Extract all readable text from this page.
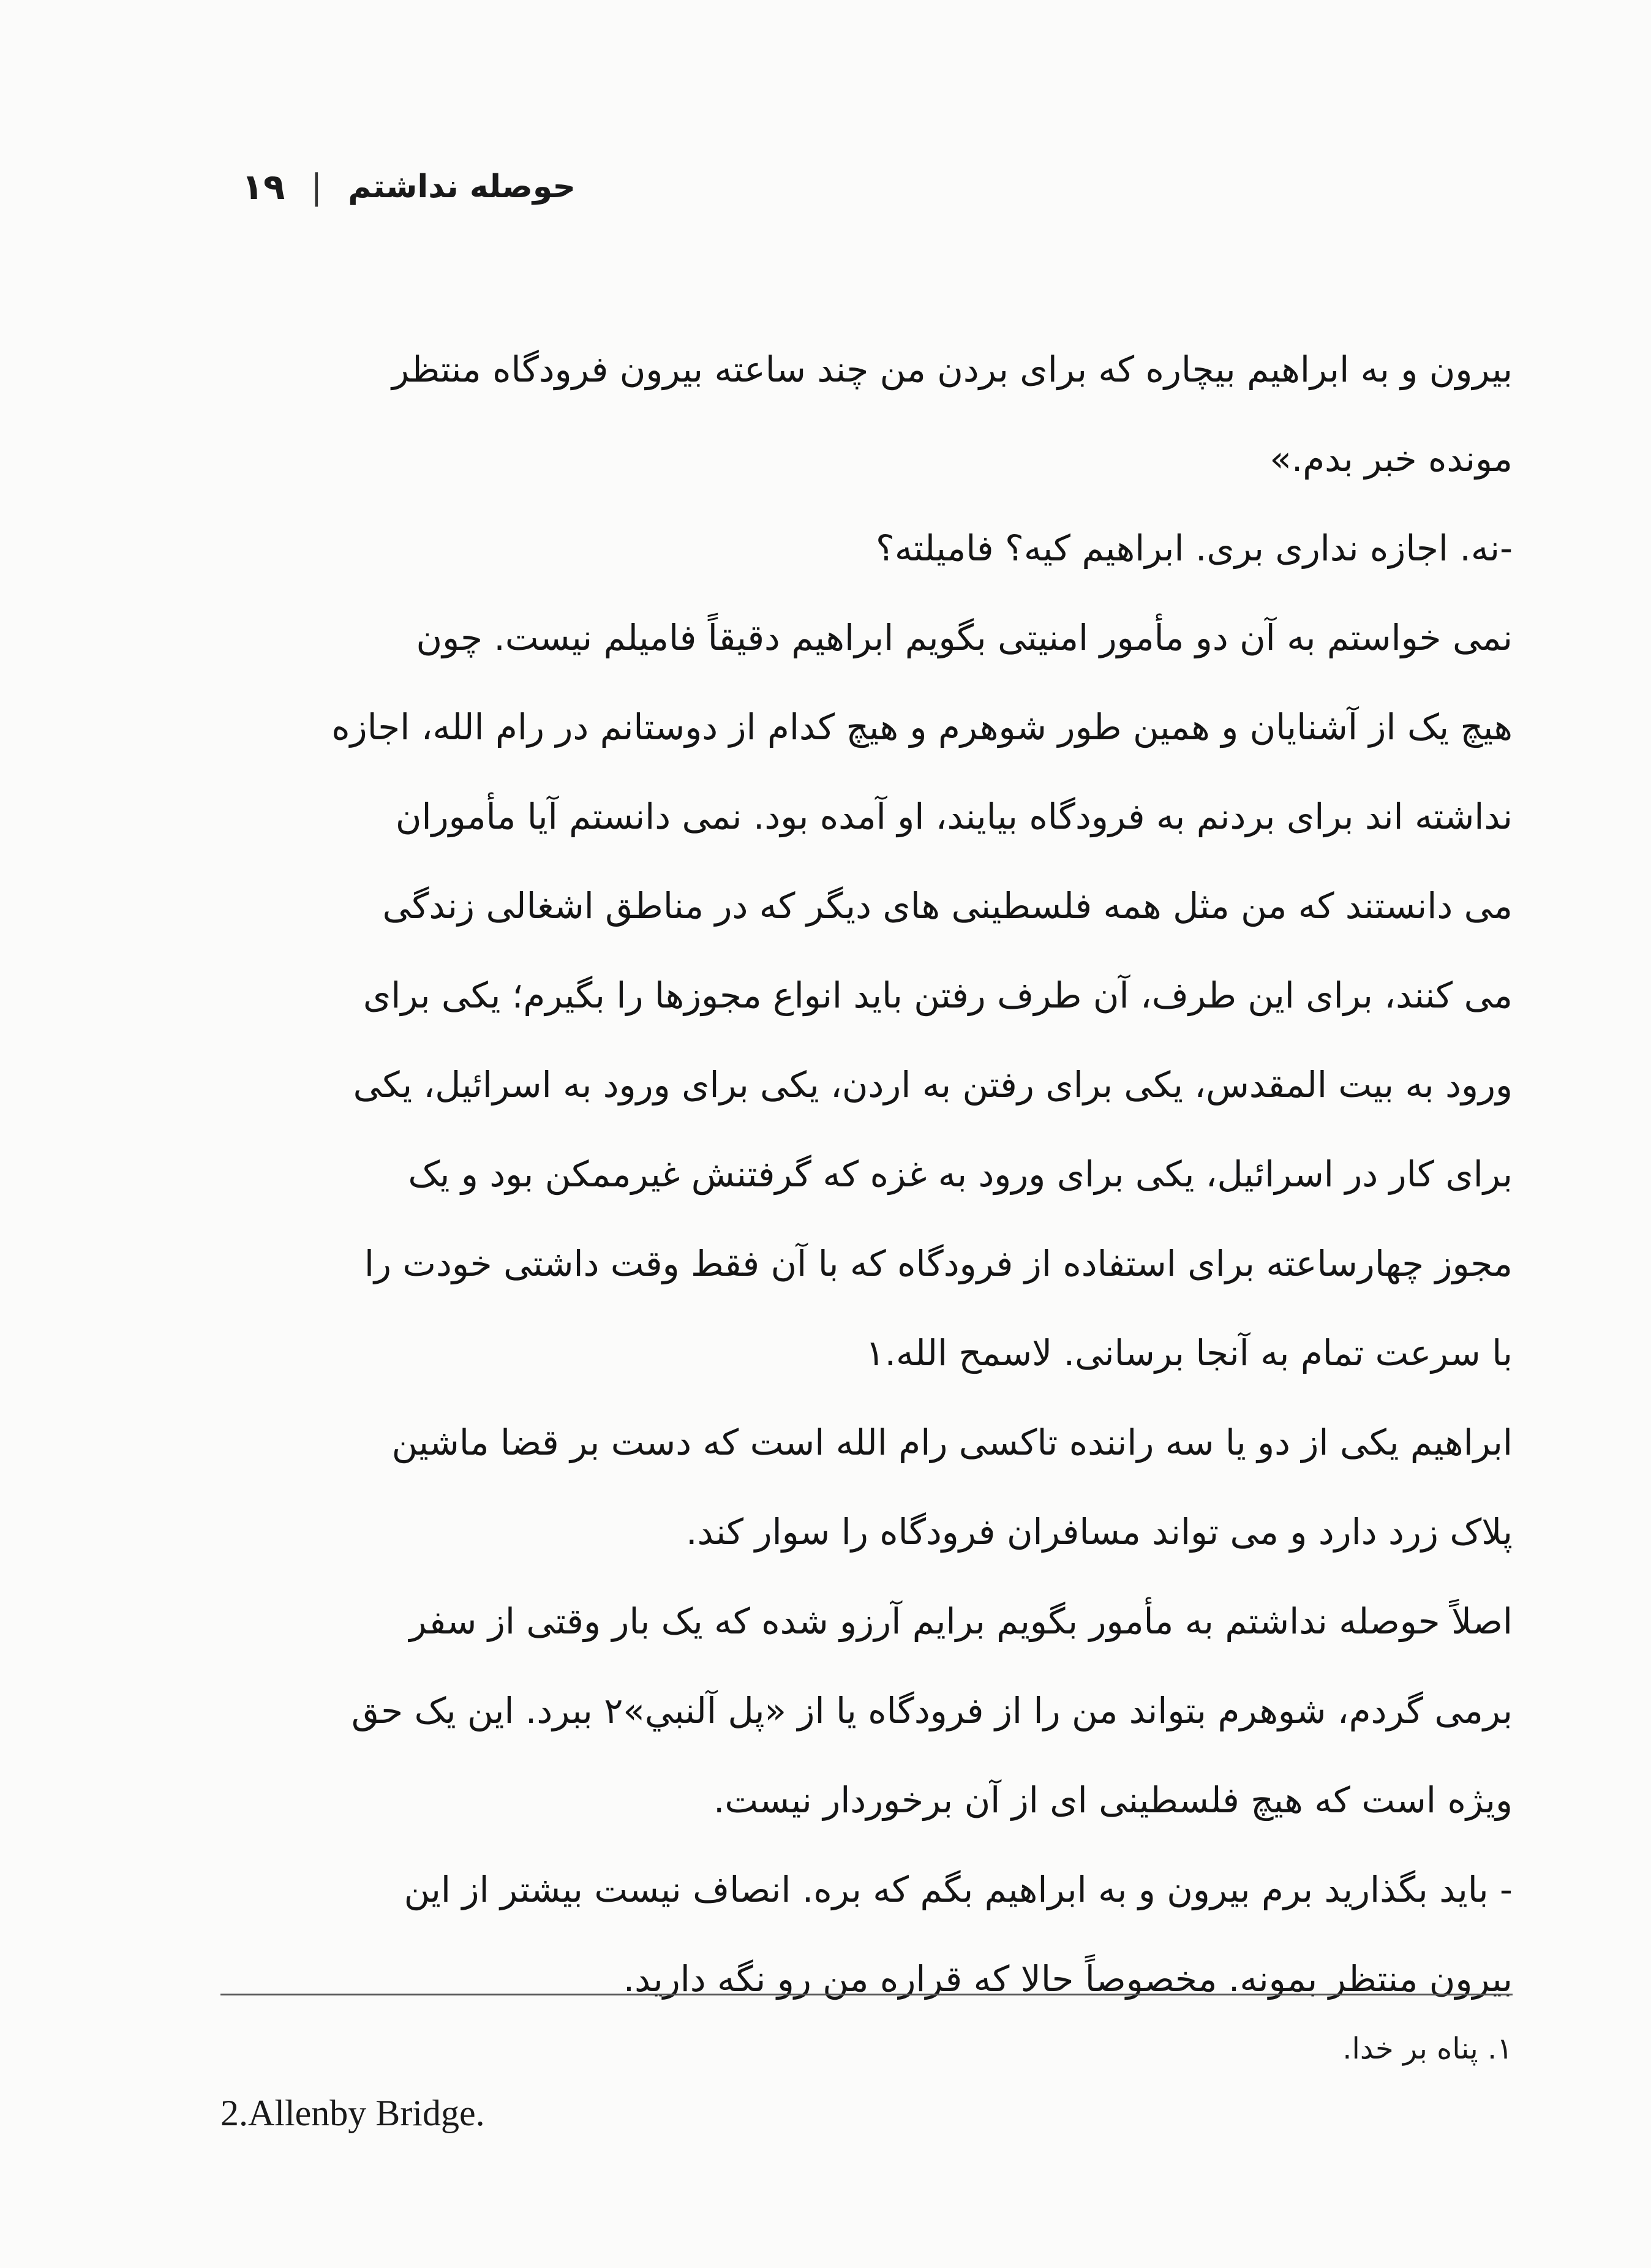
حوصله نداشتم
|
۱۹
بیرون و به ابراهیم بیچاره که برای بردن من چند ساعته بیرون فرودگاه منتظر
مونده خبر بدم.»
-نه. اجازه نداری بری. ابراهیم کیه؟ فامیلته؟
نمی خواستم به آن دو مأمور امنیتی بگویم ابراهیم دقیقاً فامیلم نیست. چون
هیچ یک از آشنایان و همین طور شوهرم و هیچ کدام از دوستانم در رام الله، اجازه
نداشته اند برای بردنم به فرودگاه بیایند، او آمده بود. نمی دانستم آیا مأموران
می دانستند که من مثل همه فلسطینی های دیگر که در مناطق اشغالی زندگی
می کنند، برای این طرف، آن طرف رفتن باید انواع مجوزها را بگیرم؛ یکی برای
ورود به بیت المقدس، یکی برای رفتن به اردن، یکی برای ورود به اسرائیل، یکی
برای کار در اسرائیل، یکی برای ورود به غزه که گرفتنش غیرممکن بود و یک
مجوز چهارساعته برای استفاده از فرودگاه که با آن فقط وقت داشتی خودت را
با سرعت تمام به آنجا برسانی. لاسمح الله.۱
ابراهیم یکی از دو یا سه راننده تاکسی رام الله است که دست بر قضا ماشین
پلاک زرد دارد و می تواند مسافران فرودگاه را سوار کند.
اصلاً حوصله نداشتم به مأمور بگویم برایم آرزو شده که یک بار وقتی از سفر
برمی گردم، شوهرم بتواند من را از فرودگاه یا از «پل آلنبي»۲ ببرد. این یک حق
ویژه است که هیچ فلسطینی ای از آن برخوردار نیست.
- باید بگذارید برم بیرون و به ابراهیم بگم که بره. انصاف نیست بیشتر از این
بیرون منتظر بمونه. مخصوصاً حالا که قراره من رو نگه دارید.
۱. پناه بر خدا.
2.Allenby Bridge.
